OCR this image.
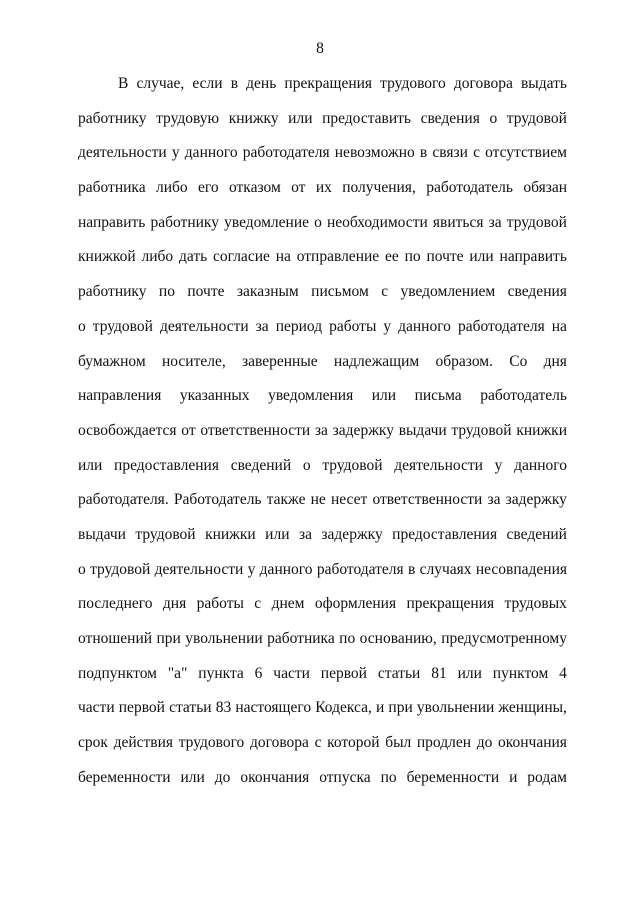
8
В случае, если в день прекращения трудового договора выдать
работнику трудовую книжку или предоставить сведения о трудовой
деятельности у данного работодателя невозможно в связи с отсутствием
работника либо его отказом от их получения, работодатель обязан
направить работнику уведомление о необходимости явиться за трудовой
книжкой либо дать согласие на отправление ее по почте или направить
работнику по почте заказным письмом с уведомлением сведения
о трудовой деятельности за период работы у данного работодателя на
бумажном носителе, заверенные надлежащим образом. Со дня
направления указанных уведомления или письма работодатель
освобождается от ответственности за задержку выдачи трудовой книжки
или предоставления сведений о трудовой деятельности у данного
работодателя. Работодатель также не несет ответственности за задержку
выдачи трудовой книжки или за задержку предоставления сведений
о трудовой деятельности у данного работодателя в случаях несовпадения
последнего дня работы с днем оформления прекращения трудовых
отношений при увольнении работника по основанию, предусмотренному
подпунктом "а" пункта 6 части первой статьи 81 или пунктом 4
части первой статьи 83 настоящего Кодекса, и при увольнении женщины,
срок действия трудового договора с которой был продлен до окончания
беременности или до окончания отпуска по беременности и родам
